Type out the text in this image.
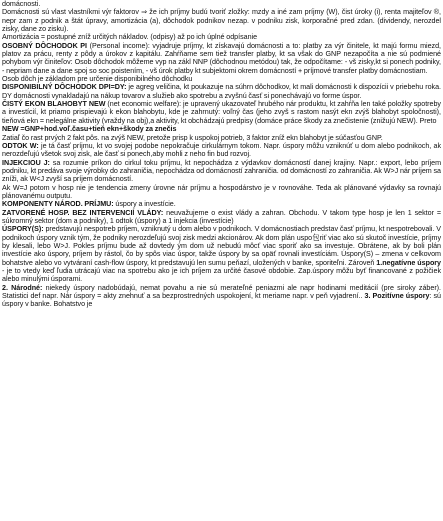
domácnosti.

Domácnosti sú vlast vlastníkmi výr faktorov ⇒ že ich príjmy budú tvoriť zložky: mzdy a iné zam príjmy (W), čist úroky (i), renta majiteľov ®, nepr zam z podnik a štát úpravy, amortizácia (a), dôchodok podnikov nezap. v podniku zisk, korporačné pred zdan. (dividendy, nerozdel zisky, dane zo zisku).

Amortizácia = postupné zníž určitých nákladov. (odpisy) až po ich úplné odpísanie

OSOBNÝ DÔCHODOK PI (Personal income): vyjadruje príjmy, kt získavajú domácnosti a to: platby za výr činitele, kt majú formu miezd, platov za prácu, renty z pôdy a úrokov z kapitálu. Zahŕňame sem tiež transfer platby, kt sa však do GNP nezapočíta a nie sú podmiené pohybom výr činiteľov: Osob dôchodok môžeme vyp na zákl NNP (dôchodnou metódou) tak, že odpočítame: - vš zisky,kt si ponech podniky, - nepriam dane a dane spoj so soc poistením, - vš úrok platby kt subjektomi okrem domácností + príjmové transfer platby domácnostiam.

Osob dôch je základom pre určenie disponibilného dôchodku

DISPONIBILNÝ DÔCHODOK DPI=DY: je agreg veličina, kt poukazuje na súhrn dôchodkov, kt mali domácnosti k dispozícii v priebehu roka. DY domácnosti vynakladajú na nákup tovarov a služieb ako spotrebu a zvyšnú časť si ponechávajú vo forme úspor.

ČISTÝ EKON BLAHOBYT NEW (net economic welfare): je upravený ukazovateľ hrubého nár produktu, kt zahŕňa len také položky spotreby a investícií, kt priamo prispievajú k ekon blahobytu, kde je zahrnutý: voľný čas (jeho zvyš s rastom nasýt ekn zvýš blahobyt spoločnosti), tieňová ekn = nelegálne aktivity (vraždy na obj),a aktivity, kt obchádzajú predpisy (domáce práce škody za znečistenie (znižujú NEW). Preto

NEW =GNP+hod.voľ.času+tieň ekn+škody za znečis

Zatiaľ čo rast prvých 2 fakt pôs. na zvýš NEW, pretože prisp k uspokoj potrieb, 3 faktor zníž ekn blahobyt je súčasťou GNP.

ODTOK W: je tá časť príjmu, kt vo svojej podobe nepokračuje cirkulárnym tokom. Napr. úspory môžu vzniknúť u dom alebo podnikoch, ak nerozdeľujú všetok svoj zisk, ale časť si ponech,aby mohli z neho fin bud rozvoj.

INJEKCIOU J: sa rozumie príkon do cirkul toku príjmu, kt nepochádza z výdavkov domácností danej krajiny. Napr.: export, lebo príjem podniku, kt predáva svoje výrobky do zahraničia, nepochádza od domácností zahraničia. od domácností zo zahraničia. Ak W>J nár príjem sa zníži, ak W<J zvyší sa príjem domácností.

Ak W=J potom v hosp nie je tendencia zmeny úrovne nár príjmu a hospodárstvo je v rovnováhe. Teda ak plánované výdavky sa rovnajú plánovanému outputu.

KOMPONENTY NÁROD. PRÍJMU: úspory a investície.

ZATVORENÉ HOSP. BEZ INTERVENCIÍ VLÁDY: neuvažujeme o exist vlády a zahran. Obchodu. V takom type hosp je len 1 sektor = súkromný sektor (dom a podniky), 1 odtok (úspory) a 1 injekcia (investície)

ÚSPORY(S): predstavujú nespotreb príjem, vzniknutý u dom alebo v podnikoch. V domácnostiach predstav časť príjmu, kt nespotrebovali. V podnikoch úspory vznik tým, že podniky nerozdeľujú svoj zisk medzi akcionárov. Ak dom plán uspo包riť viac ako sú skutoč investície, príjmy by klesali, lebo W>J. Pokles príjmu bude až dovtedy ým dom už nebudú môcť viac sporiť ako sa investuje. Obrátene, ak by boli plán investície ako úspory, príjem by rástol, čo by spôs viac úspor, takže úspory by sa opäť rovnali investíciám. Úspory(S) – zmena v celkovom bohatstve alebo vo vytváraní cash-flow úspory, kt predstavujú len sumu peňazí, uložených v banke, sporiteľni. Zároveň 1.negatívne úspory - je to vtedy keď ľudia utrácajú viac na spotrebu ako je ich príjem za určité časové obdobie. Zap.úspory môžu byť financované z požičiek alebo minulými úsporami.

2. Národné: niekedy úspory nadobúdajú, nemat povahu a nie sú merateľné peniazmi ale napr hodinami meditácií (pre siroky záber). Statistici def napr. Nár úspory = akty znehnuť a sa bezprostredných uspokojení, kt meriame napr. v peň vyjadrení.. 3. Pozitívne úspory: sú úspory v banke. Bohatstvo je
